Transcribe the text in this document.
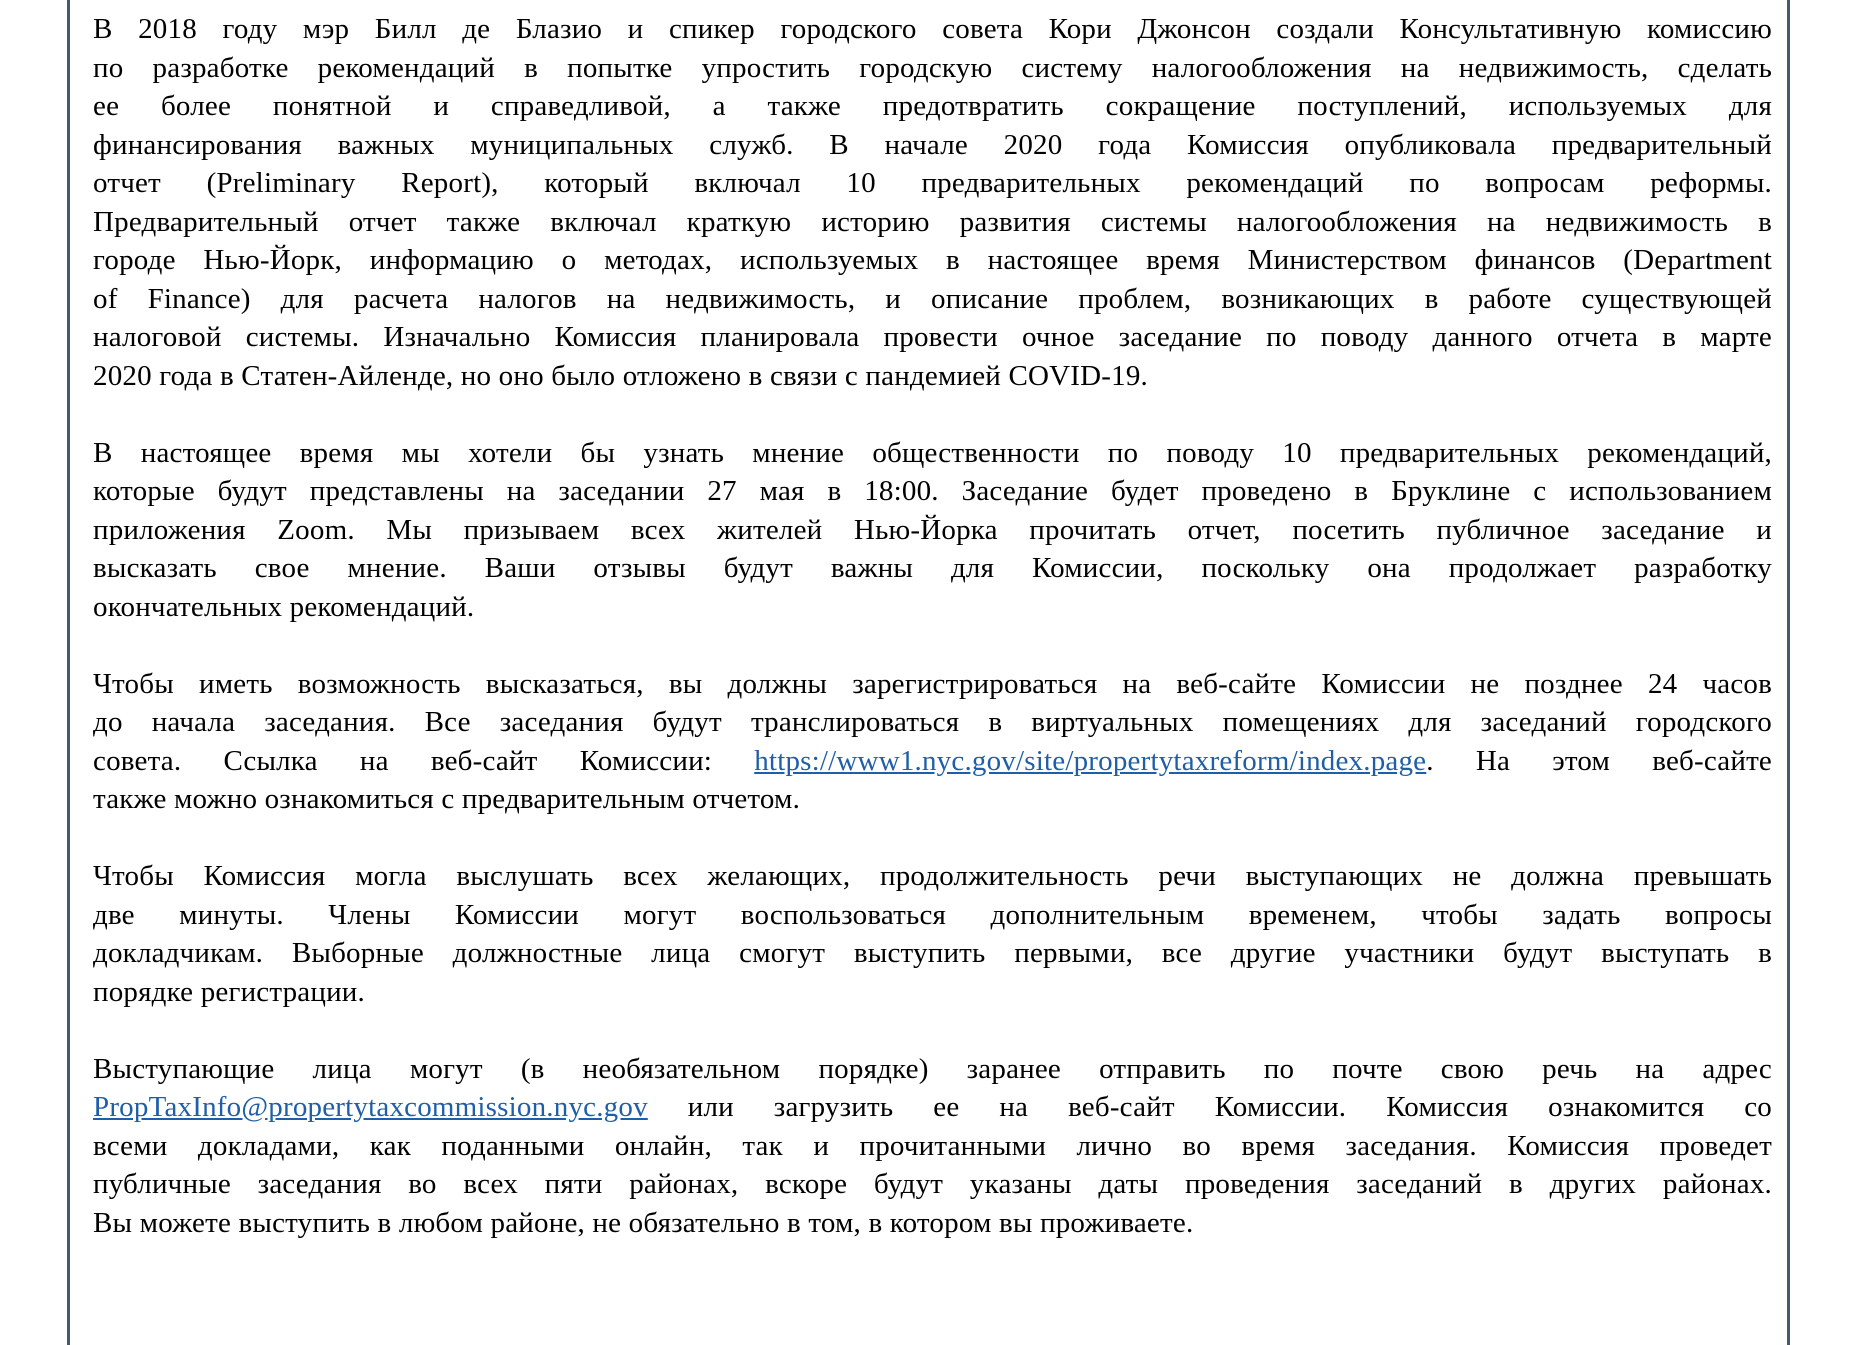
В 2018 году мэр Билл де Блазио и спикер городского совета Кори Джонсон создали Консультативную комиссию
по разработке рекомендаций в попытке упростить городскую систему налогообложения на недвижимость, сделать
ее более понятной и справедливой, а также предотвратить сокращение поступлений, используемых для
финансирования важных муниципальных служб. В начале 2020 года Комиссия опубликовала предварительный
отчет (Preliminary Report), который включал 10 предварительных рекомендаций по вопросам реформы.
Предварительный отчет также включал краткую историю развития системы налогообложения на недвижимость в
городе Нью-Йорк, информацию о методах, используемых в настоящее время Министерством финансов (Department
of Finance) для расчета налогов на недвижимость, и описание проблем, возникающих в работе существующей
налоговой системы. Изначально Комиссия планировала провести очное заседание по поводу данного отчета в марте
2020 года в Статен-Айленде, но оно было отложено в связи с пандемией COVID-19.
В настоящее время мы хотели бы узнать мнение общественности по поводу 10 предварительных рекомендаций,
которые будут представлены на заседании 27 мая в 18:00. Заседание будет проведено в Бруклине с использованием
приложения Zoom. Мы призываем всех жителей Нью-Йорка прочитать отчет, посетить публичное заседание и
высказать свое мнение. Ваши отзывы будут важны для Комиссии, поскольку она продолжает разработку
окончательных рекомендаций.
Чтобы иметь возможность высказаться, вы должны зарегистрироваться на веб-сайте Комиссии не позднее 24 часов
до начала заседания. Все заседания будут транслироваться в виртуальных помещениях для заседаний городского
совета. Ссылка на веб-сайт Комиссии: https://www1.nyc.gov/site/propertytaxreform/index.page. На этом веб-сайте
также можно ознакомиться с предварительным отчетом.
Чтобы Комиссия могла выслушать всех желающих, продолжительность речи выступающих не должна превышать
две минуты. Члены Комиссии могут воспользоваться дополнительным временем, чтобы задать вопросы
докладчикам. Выборные должностные лица смогут выступить первыми, все другие участники будут выступать в
порядке регистрации.
Выступающие лица могут (в необязательном порядке) заранее отправить по почте свою речь на адрес
PropTaxInfo@propertytaxcommission.nyc.gov или загрузить ее на веб-сайт Комиссии. Комиссия ознакомится со
всеми докладами, как поданными онлайн, так и прочитанными лично во время заседания. Комиссия проведет
публичные заседания во всех пяти районах, вскоре будут указаны даты проведения заседаний в других районах.
Вы можете выступить в любом районе, не обязательно в том, в котором вы проживаете.
